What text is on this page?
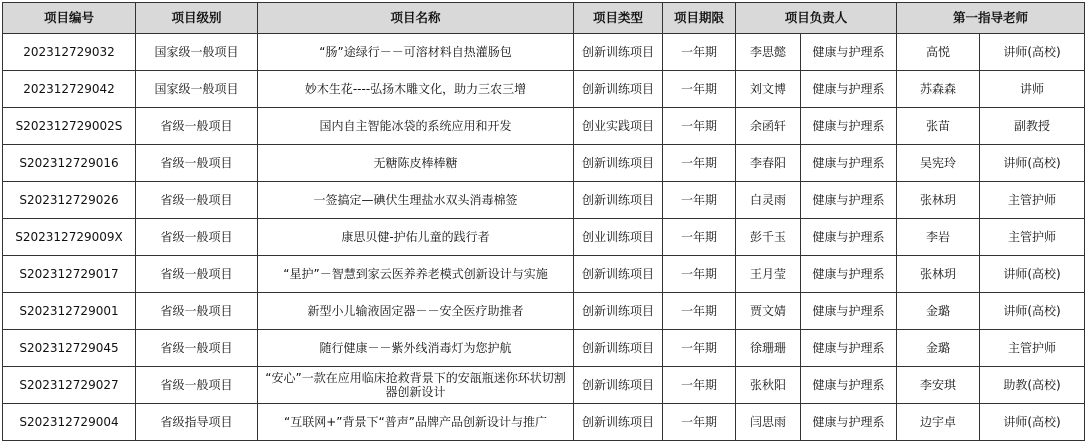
项目编号	项目级别	项目名称	项目类型	项目期限	项目负责人		第一指导老师	
202312729032	国家级一般项目	“肠”途绿行－－可溶材料自热灌肠包	创新训练项目	一年期	李思懿	健康与护理系	高悦	讲师(高校)
202312729042	国家级一般项目	妙木生花----弘扬木雕文化，助力三农三增	创新训练项目	一年期	刘文博	健康与护理系	苏森森	讲师
S202312729002S	省级一般项目	国内自主智能冰袋的系统应用和开发	创业实践项目	一年期	余函轩	健康与护理系	张苗	副教授
S202312729016	省级一般项目	无糖陈皮棒棒糖	创新训练项目	一年期	李春阳	健康与护理系	吴宪玲	讲师(高校)
S202312729026	省级一般项目	一签搞定—碘伏生理盐水双头消毒棉签	创新训练项目	一年期	白灵雨	健康与护理系	张林玥	主管护师
S202312729009X	省级一般项目	康思贝健-护佑儿童的践行者	创业训练项目	一年期	彭千玉	健康与护理系	李岩	主管护师
S202312729017	省级一般项目	“星护”－智慧到家云医养养老模式创新设计与实施	创新训练项目	一年期	王月莹	健康与护理系	张林玥	讲师(高校)
S202312729001	省级一般项目	新型小儿输液固定器－－安全医疗助推者	创新训练项目	一年期	贾文婧	健康与护理系	金璐	讲师(高校)
S202312729045	省级一般项目	随行健康－－紫外线消毒灯为您护航	创新训练项目	一年期	徐珊珊	健康与护理系	金璐	主管护师
S202312729027	省级一般项目	“安心”一款在应用临床抢救背景下的安瓿瓶迷你环状切割器创新设计	创新训练项目	一年期	张秋阳	健康与护理系	李安琪	助教(高校)
S202312729004	省级指导项目	“互联网+”背景下“普声”品牌产品创新设计与推广	创新训练项目	一年期	闫思雨	健康与护理系	边宇卓	讲师(高校)
